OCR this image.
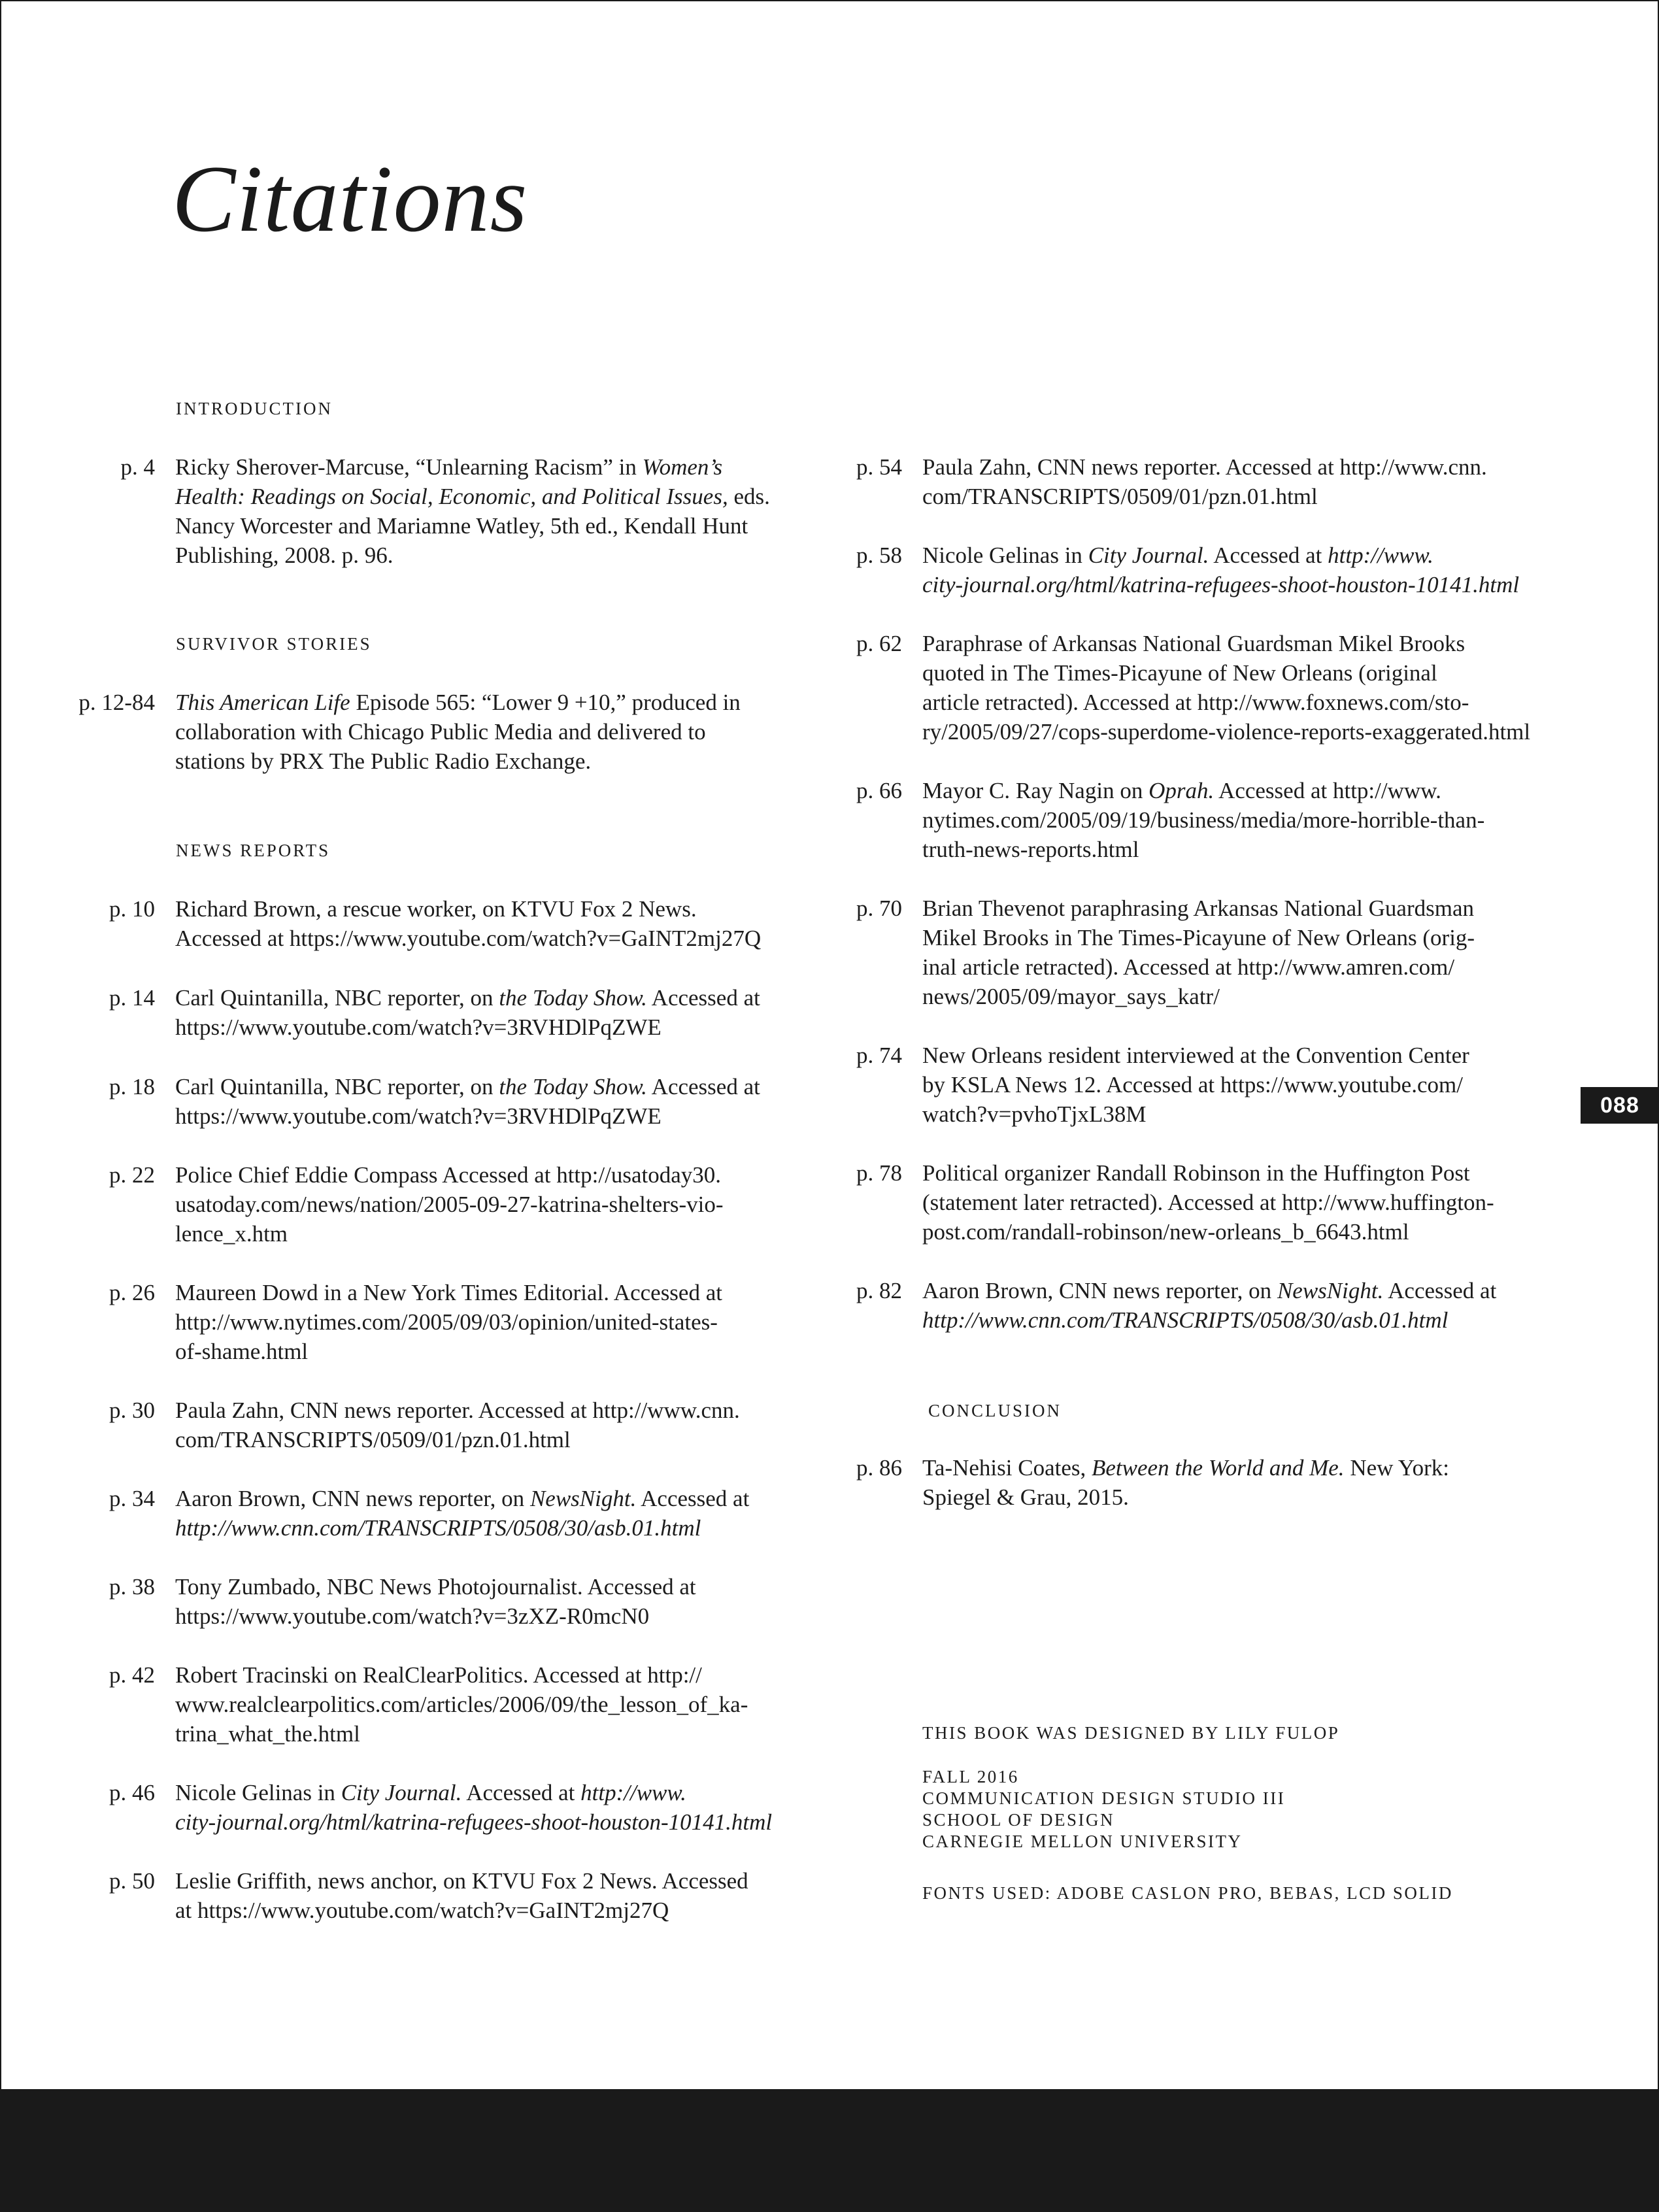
Citations
INTRODUCTION
p. 4 Ricky Sherover-Marcuse, “Unlearning Racism” in Women’s
Health: Readings on Social, Economic, and Political Issues, eds.
Nancy Worcester and Mariamne Watley, 5th ed., Kendall Hunt
Publishing, 2008. p. 96.
SURVIVOR STORIES
p. 12-84 This American Life Episode 565: “Lower 9 +10,” produced in
collaboration with Chicago Public Media and delivered to
stations by PRX The Public Radio Exchange.
NEWS REPORTS
p. 10 Richard Brown, a rescue worker, on KTVU Fox 2 News.
Accessed at https://www.youtube.com/watch?v=GaINT2mj27Q
p. 14 Carl Quintanilla, NBC reporter, on the Today Show. Accessed at
https://www.youtube.com/watch?v=3RVHDlPqZWE
p. 18 Carl Quintanilla, NBC reporter, on the Today Show. Accessed at
https://www.youtube.com/watch?v=3RVHDlPqZWE
p. 22 Police Chief Eddie Compass Accessed at http://usatoday30.
usatoday.com/news/nation/2005-09-27-katrina-shelters-vio-
lence_x.htm
p. 26 Maureen Dowd in a New York Times Editorial. Accessed at
http://www.nytimes.com/2005/09/03/opinion/united-states-
of-shame.html
p. 30 Paula Zahn, CNN news reporter. Accessed at http://www.cnn.
com/TRANSCRIPTS/0509/01/pzn.01.html
p. 34 Aaron Brown, CNN news reporter, on NewsNight. Accessed at
http://www.cnn.com/TRANSCRIPTS/0508/30/asb.01.html
p. 38 Tony Zumbado, NBC News Photojournalist. Accessed at
https://www.youtube.com/watch?v=3zXZ-R0mcN0
p. 42 Robert Tracinski on RealClearPolitics. Accessed at http://
www.realclearpolitics.com/articles/2006/09/the_lesson_of_ka-
trina_what_the.html
p. 46 Nicole Gelinas in City Journal. Accessed at http://www.
city-journal.org/html/katrina-refugees-shoot-houston-10141.html
p. 50 Leslie Griffith, news anchor, on KTVU Fox 2 News. Accessed
at https://www.youtube.com/watch?v=GaINT2mj27Q
p. 54 Paula Zahn, CNN news reporter. Accessed at http://www.cnn.
com/TRANSCRIPTS/0509/01/pzn.01.html
p. 58 Nicole Gelinas in City Journal. Accessed at http://www.
city-journal.org/html/katrina-refugees-shoot-houston-10141.html
p. 62 Paraphrase of Arkansas National Guardsman Mikel Brooks
quoted in The Times-Picayune of New Orleans (original
article retracted). Accessed at http://www.foxnews.com/sto-
ry/2005/09/27/cops-superdome-violence-reports-exaggerated.html
p. 66 Mayor C. Ray Nagin on Oprah. Accessed at http://www.
nytimes.com/2005/09/19/business/media/more-horrible-than-
truth-news-reports.html
p. 70 Brian Thevenot paraphrasing Arkansas National Guardsman
Mikel Brooks in The Times-Picayune of New Orleans (orig-
inal article retracted). Accessed at http://www.amren.com/
news/2005/09/mayor_says_katr/
p. 74 New Orleans resident interviewed at the Convention Center
by KSLA News 12. Accessed at https://www.youtube.com/
watch?v=pvhoTjxL38M
p. 78 Political organizer Randall Robinson in the Huffington Post
(statement later retracted). Accessed at http://www.huffington-
post.com/randall-robinson/new-orleans_b_6643.html
p. 82 Aaron Brown, CNN news reporter, on NewsNight. Accessed at
http://www.cnn.com/TRANSCRIPTS/0508/30/asb.01.html
CONCLUSION
p. 86 Ta-Nehisi Coates, Between the World and Me. New York:
Spiegel & Grau, 2015.
THIS BOOK WAS DESIGNED BY LILY FULOP
FALL 2016
COMMUNICATION DESIGN STUDIO III
SCHOOL OF DESIGN
CARNEGIE MELLON UNIVERSITY
FONTS USED: ADOBE CASLON PRO, BEBAS, LCD SOLID
088
